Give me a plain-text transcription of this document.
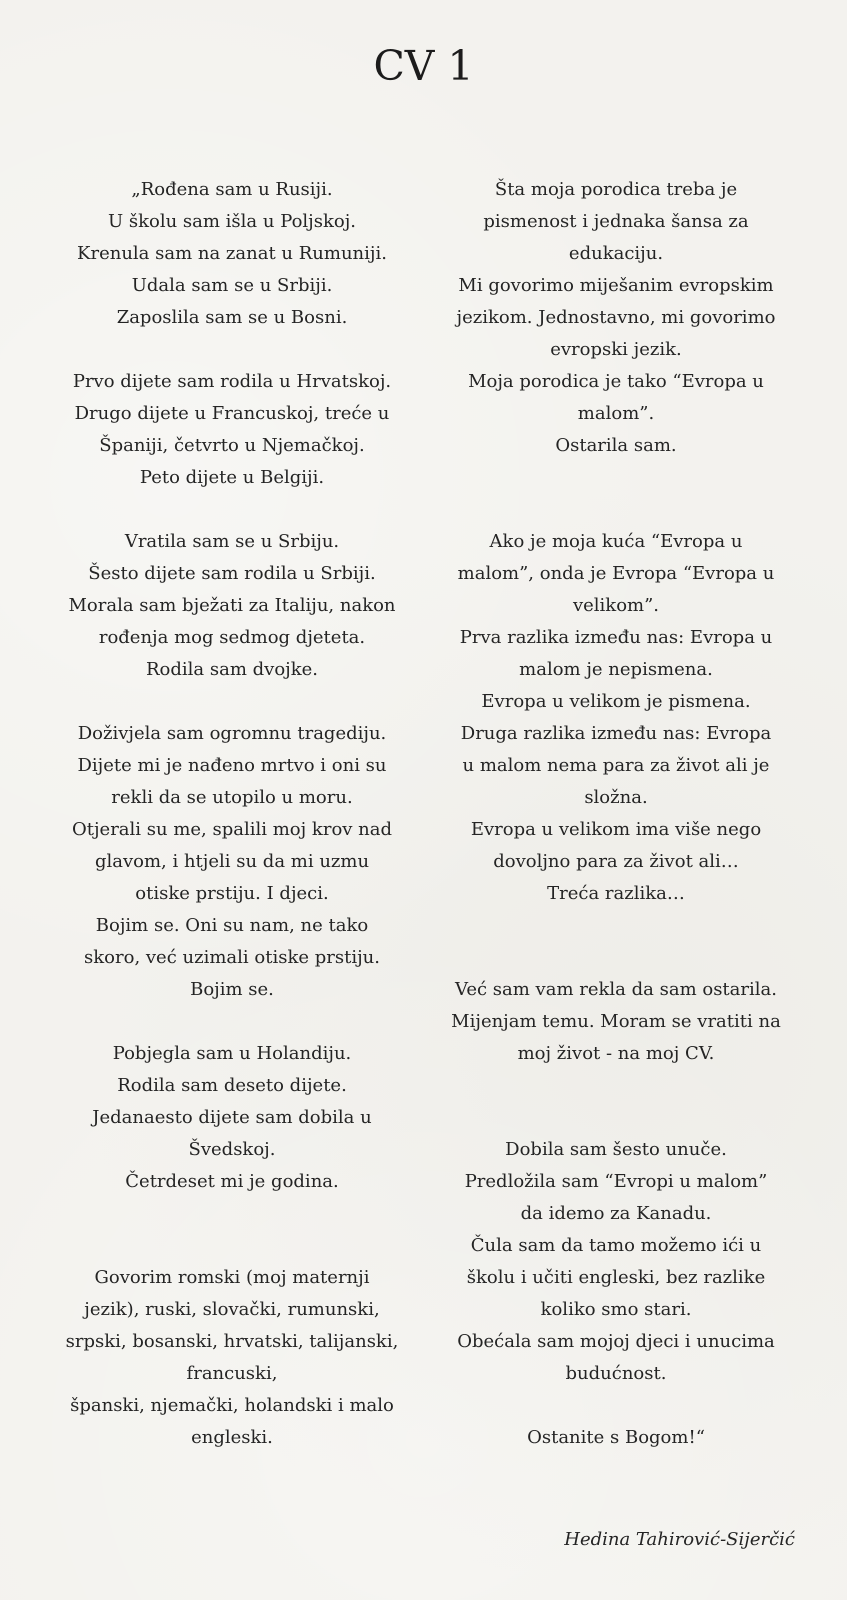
CV 1
„Rođena sam u Rusiji.
U školu sam išla u Poljskoj.
Krenula sam na zanat u Rumuniji.
Udala sam se u Srbiji.
Zaposlila sam se u Bosni.
Prvo dijete sam rodila u Hrvatskoj.
Drugo dijete u Francuskoj, treće u
Španiji, četvrto u Njemačkoj.
Peto dijete u Belgiji.
Vratila sam se u Srbiju.
Šesto dijete sam rodila u Srbiji.
Morala sam bježati za Italiju, nakon
rođenja mog sedmog djeteta.
Rodila sam dvojke.
Doživjela sam ogromnu tragediju.
Dijete mi je nađeno mrtvo i oni su
rekli da se utopilo u moru.
Otjerali su me, spalili moj krov nad
glavom, i htjeli su da mi uzmu
otiske prstiju. I djeci.
Bojim se. Oni su nam, ne tako
skoro, već uzimali otiske prstiju.
Bojim se.
Pobjegla sam u Holandiju.
Rodila sam deseto dijete.
Jedanaesto dijete sam dobila u
Švedskoj.
Četrdeset mi je godina.
Govorim romski (moj maternji
jezik), ruski, slovački, rumunski,
srpski, bosanski, hrvatski, talijanski,
francuski,
španski, njemački, holandski i malo
engleski.
Šta moja porodica treba je
pismenost i jednaka šansa za
edukaciju.
Mi govorimo miješanim evropskim
jezikom. Jednostavno, mi govorimo
evropski jezik.
Moja porodica je tako “Evropa u
malom”.
Ostarila sam.
Ako je moja kuća “Evropa u
malom”, onda je Evropa “Evropa u
velikom”.
Prva razlika između nas: Evropa u
malom je nepismena.
Evropa u velikom je pismena.
Druga razlika između nas: Evropa
u malom nema para za život ali je
složna.
Evropa u velikom ima više nego
dovoljno para za život ali…
Treća razlika…
Već sam vam rekla da sam ostarila.
Mijenjam temu. Moram se vratiti na
moj život - na moj CV.
Dobila sam šesto unuče.
Predložila sam “Evropi u malom”
da idemo za Kanadu.
Čula sam da tamo možemo ići u
školu i učiti engleski, bez razlike
koliko smo stari.
Obećala sam mojoj djeci i unucima
budućnost.
Ostanite s Bogom!“
Hedina Tahirović-Sijerčić
